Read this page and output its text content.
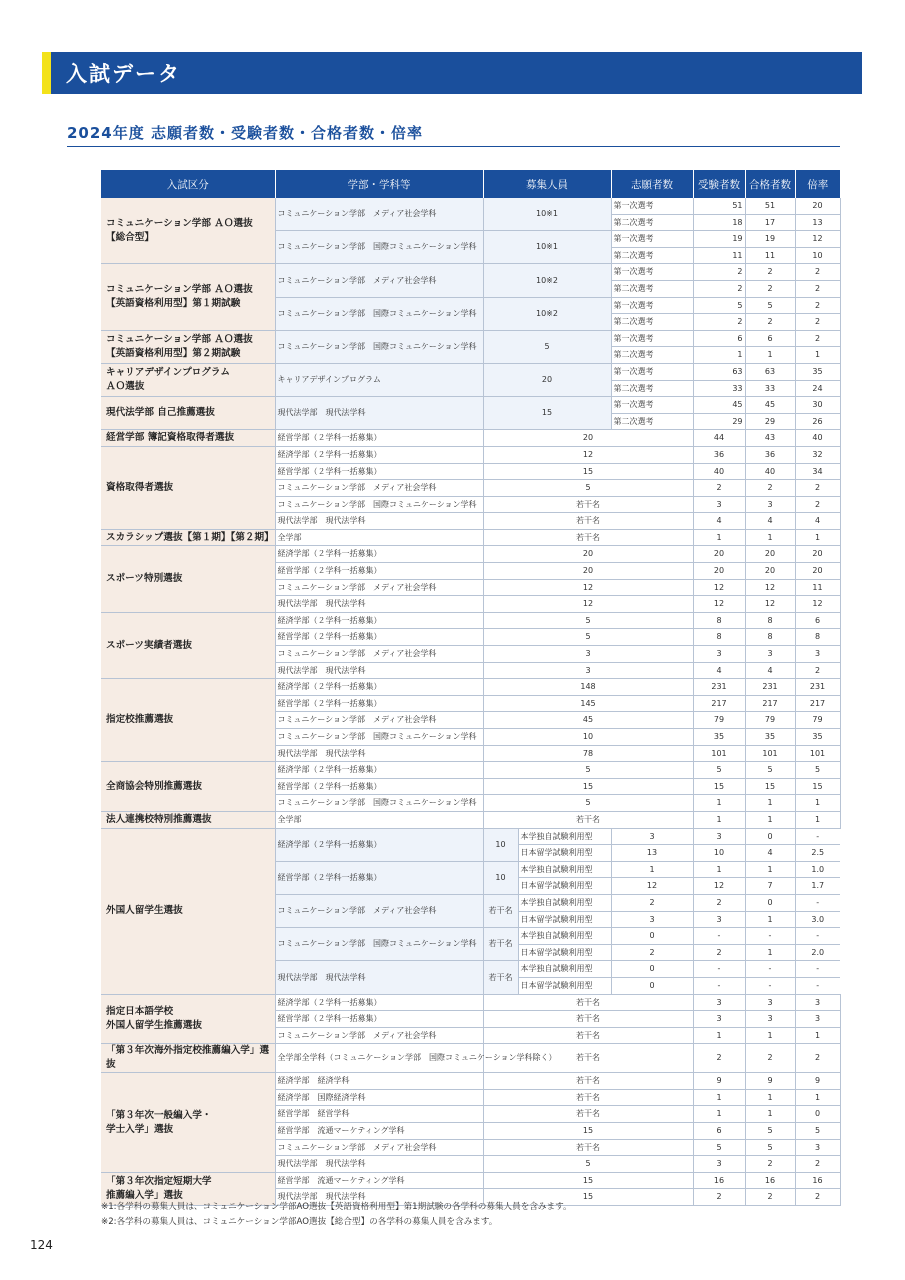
入試データ
2024年度 志願者数・受験者数・合格者数・倍率
入試区分	学部・学科等	募集人員		志願者数	受験者数	合格者数	倍率	
コミュニケーション学部 ＡＯ選抜
【総合型】	コミュニケーション学部　メディア社会学科	10※1		第一次選考	51	51	20	
				第二次選考	18	17	13	
	コミュニケーション学部　国際コミュニケーション学科	10※1		第一次選考	19	19	12	
				第二次選考	11	11	10	
コミュニケーション学部 ＡＯ選抜
【英語資格利用型】第１期試験	コミュニケーション学部　メディア社会学科	10※2		第一次選考	2	2	2	
				第二次選考	2	2	2	
	コミュニケーション学部　国際コミュニケーション学科	10※2		第一次選考	5	5	2	
				第二次選考	2	2	2	
コミュニケーション学部 ＡＯ選抜
【英語資格利用型】第２期試験	コミュニケーション学部　国際コミュニケーション学科	5		第一次選考	6	6	2	
				第二次選考	1	1	1	
キャリアデザインプログラム
ＡＯ選抜	キャリアデザインプログラム	20		第一次選考	63	63	35	
				第二次選考	33	33	24	
現代法学部 自己推薦選抜	現代法学部　現代法学科	15		第一次選考	45	45	30	
				第二次選考	29	29	26	
経営学部 簿記資格取得者選抜	経営学部（２学科一括募集）	20			44	43	40	
資格取得者選抜	経済学部（２学科一括募集）	12			36	36	32	
	経営学部（２学科一括募集）	15			40	40	34	
	コミュニケーション学部　メディア社会学科	5			2	2	2	
	コミュニケーション学部　国際コミュニケーション学科	若干名			3	3	2	
	現代法学部　現代法学科	若干名			4	4	4	
スカラシップ選抜【第１期】【第２期】	全学部	若干名			1	1	1	
スポーツ特別選抜	経済学部（２学科一括募集）	20			20	20	20	
	経営学部（２学科一括募集）	20			20	20	20	
	コミュニケーション学部　メディア社会学科	12			12	12	11	
	現代法学部　現代法学科	12			12	12	12	
スポーツ実績者選抜	経済学部（２学科一括募集）	5			8	8	6	
	経営学部（２学科一括募集）	5			8	8	8	
	コミュニケーション学部　メディア社会学科	3			3	3	3	
	現代法学部　現代法学科	3			4	4	2	
指定校推薦選抜	経済学部（２学科一括募集）	148			231	231	231	
	経営学部（２学科一括募集）	145			217	217	217	
	コミュニケーション学部　メディア社会学科	45			79	79	79	
	コミュニケーション学部　国際コミュニケーション学科	10			35	35	35	
	現代法学部　現代法学科	78			101	101	101	
全商協会特別推薦選抜	経済学部（２学科一括募集）	5			5	5	5	
	経営学部（２学科一括募集）	15			15	15	15	
	コミュニケーション学部　国際コミュニケーション学科	5			1	1	1	
法人連携校特別推薦選抜	全学部	若干名			1	1	1	
外国人留学生選抜	経済学部（２学科一括募集）	10	本学独自試験利用型	3	3	0	-	
			日本留学試験利用型	13	10	4	2.5	
	経営学部（２学科一括募集）	10	本学独自試験利用型	1	1	1	1.0	
			日本留学試験利用型	12	12	7	1.7	
	コミュニケーション学部　メディア社会学科	若干名	本学独自試験利用型	2	2	0	-	
			日本留学試験利用型	3	3	1	3.0	
	コミュニケーション学部　国際コミュニケーション学科	若干名	本学独自試験利用型	0	-	-	-	
			日本留学試験利用型	2	2	1	2.0	
	現代法学部　現代法学科	若干名	本学独自試験利用型	0	-	-	-	
			日本留学試験利用型	0	-	-	-	
指定日本語学校
外国人留学生推薦選抜	経済学部（２学科一括募集）	若干名			3	3	3	
	経営学部（２学科一括募集）	若干名			3	3	3	
	コミュニケーション学部　メディア社会学科	若干名			1	1	1	
「第３年次海外指定校推薦編入学」選抜	全学部全学科（コミュニケーション学部　国際コミュニケーション学科除く）	若干名			2	2	2	
「第３年次一般編入学・
学士入学」選抜	経済学部　経済学科	若干名			9	9	9	
	経済学部　国際経済学科	若干名			1	1	1	
	経営学部　経営学科	若干名			1	1	0	
	経営学部　流通マーケティング学科	15			6	5	5	
	コミュニケーション学部　メディア社会学科	若干名			5	5	3	
	現代法学部　現代法学科	5			3	2	2	
「第３年次指定短期大学
推薦編入学」選抜	経営学部　流通マーケティング学科	15			16	16	16	
	現代法学部　現代法学科	15			2	2	2	
※1:各学科の募集人員は、コミュニケーション学部AO選抜【英語資格利用型】第1期試験の各学科の募集人員を含みます。
※2:各学科の募集人員は、コミュニケーション学部AO選抜【総合型】の各学科の募集人員を含みます。
124
